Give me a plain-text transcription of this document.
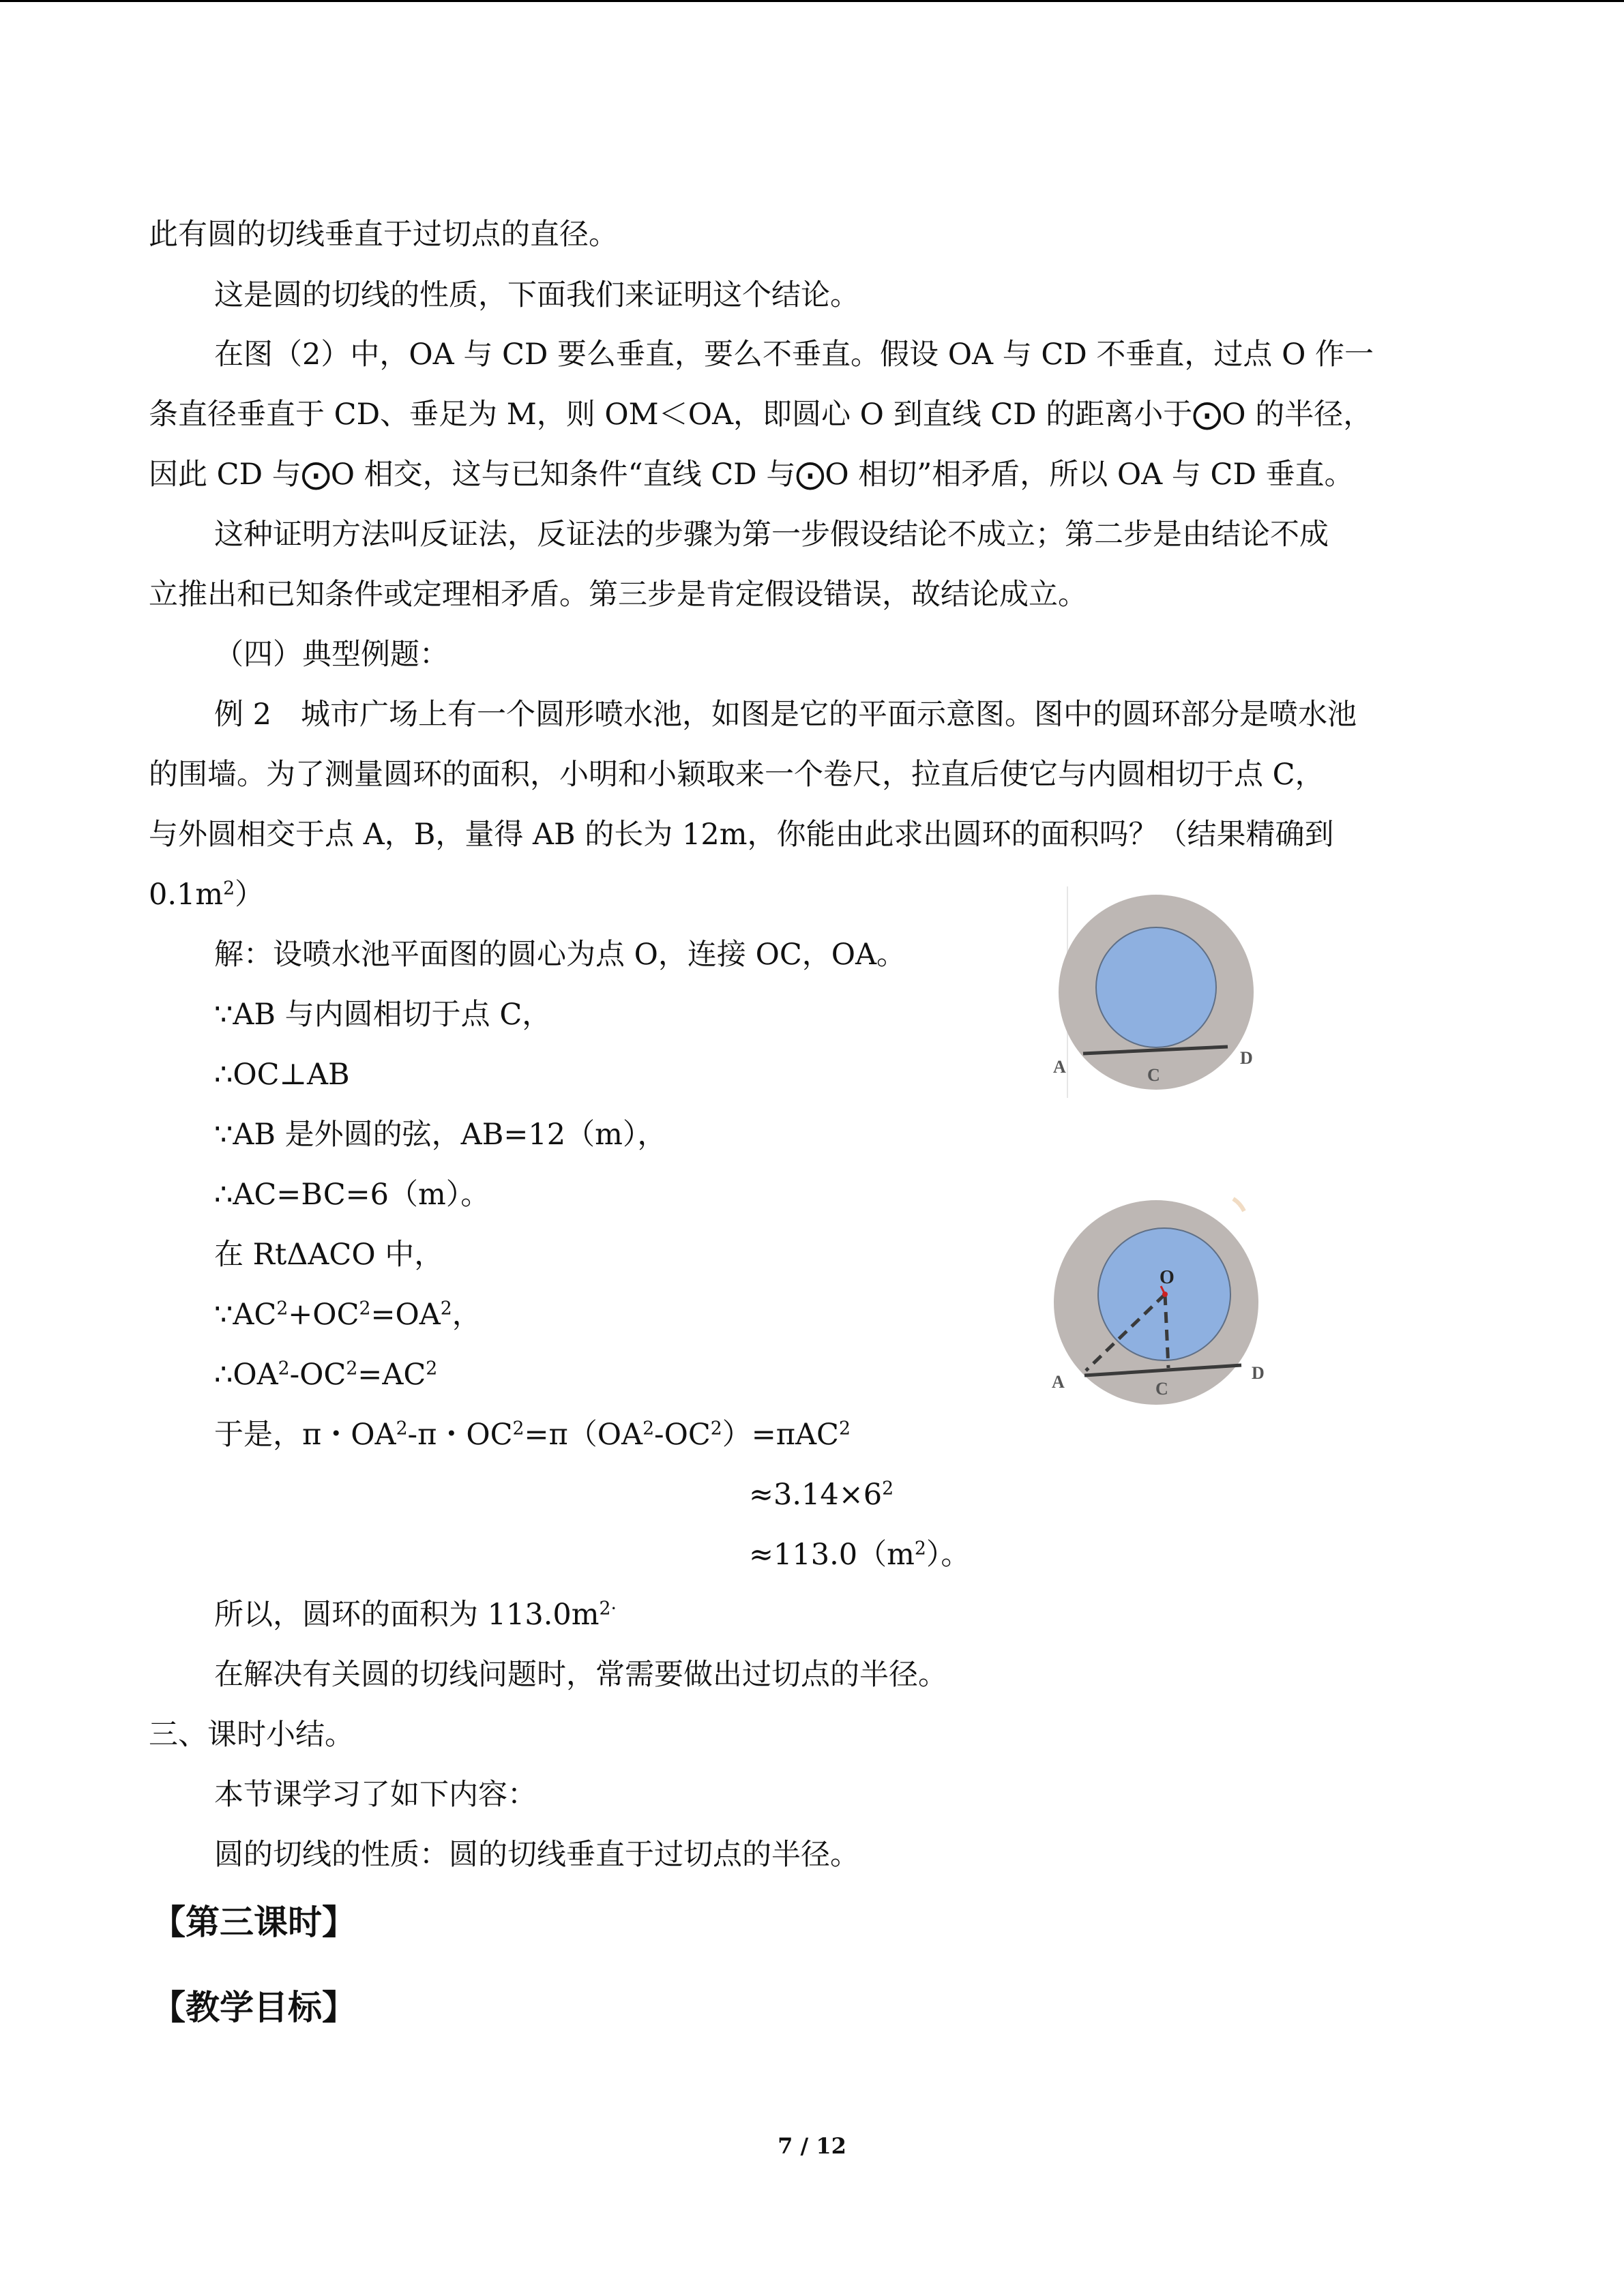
此有圆的切线垂直于过切点的直径。
这是圆的切线的性质，下面我们来证明这个结论。
在图（2）中，OA 与 CD 要么垂直，要么不垂直。假设 OA 与 CD 不垂直，过点 O 作一
条直径垂直于 CD、垂足为 M，则 OM＜OA，即圆心 O 到直线 CD 的距离小于⨀O 的半径，
因此 CD 与⨀O 相交，这与已知条件“直线 CD 与⨀O 相切”相矛盾，所以 OA 与 CD 垂直。
这种证明方法叫反证法，反证法的步骤为第一步假设结论不成立；第二步是由结论不成
立推出和已知条件或定理相矛盾。第三步是肯定假设错误，故结论成立。
（四）典型例题：
例 2　城市广场上有一个圆形喷水池，如图是它的平面示意图。图中的圆环部分是喷水池
的围墙。为了测量圆环的面积，小明和小颖取来一个卷尺，拉直后使它与内圆相切于点 C，
与外圆相交于点 A，B，量得 AB 的长为 12m，你能由此求出圆环的面积吗？（结果精确到
$0.1m^2$）
解：设喷水池平面图的圆心为点 O，连接 OC，OA。
∵AB 与内圆相切于点 C，
∴OC⊥AB
∵AB 是外圆的弦，AB=12（m），
∴AC=BC=6（m）。
在 RtΔACO 中，
$\because AC^2+OC^2=OA^2$，
$\therefore OA^2-OC^2=AC^2$
于是，π・$OA^2-\pi$・$OC^2=\pi(OA^2-OC^2)=\pi AC^2$
$\approx 3.14\times 6^2$
$\approx 113.0(m^2)$。
所以，圆环的面积为 $113.0m^{2\cdot}$
在解决有关圆的切线问题时，常需要做出过切点的半径。
三、课时小结。
本节课学习了如下内容：
圆的切线的性质：圆的切线垂直于过切点的半径。
【第三课时】
【教学目标】
A	C
D
O
A	C
D
7 / 12
